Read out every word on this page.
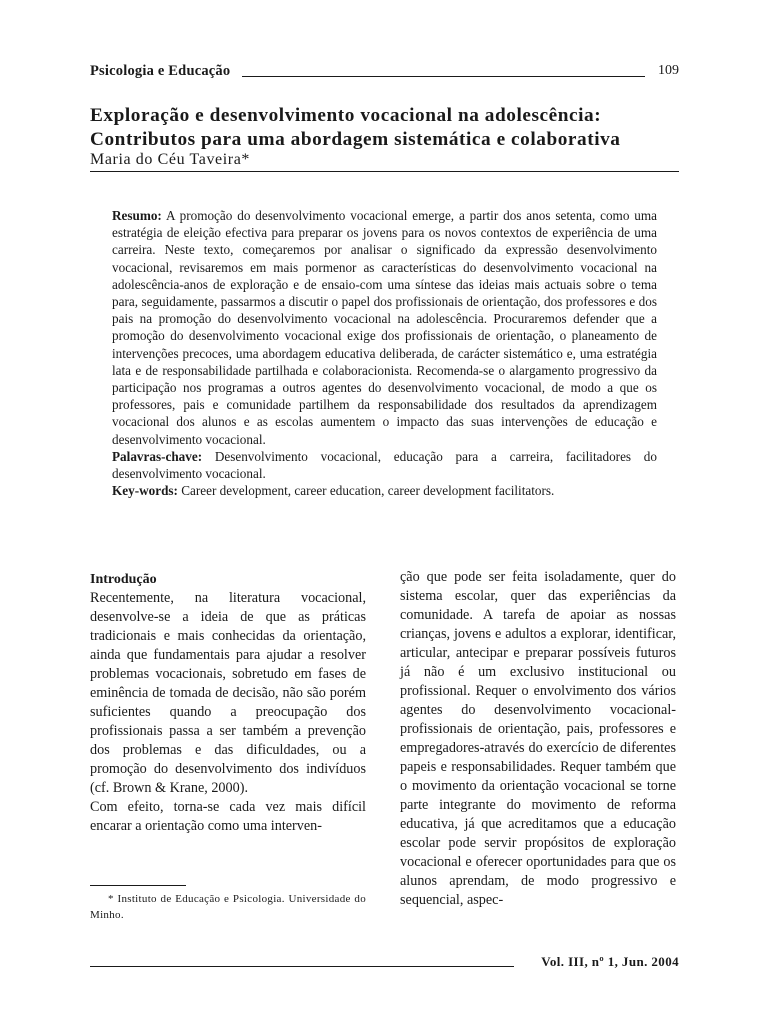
Psicologia e Educação	109
Exploração e desenvolvimento vocacional na adolescência:
Contributos para uma abordagem sistemática e colaborativa
Maria do Céu Taveira*

Resumo: A promoção do desenvolvimento vocacional emerge, a partir dos anos setenta, como uma estratégia de eleição efectiva para preparar os jovens para os novos contextos de experiência de uma carreira. Neste texto, começaremos por analisar o significado da expressão desenvolvimento vocacional, revisaremos em mais pormenor as características do desenvolvimento vocacional na adolescência-anos de exploração e de ensaio-com uma síntese das ideias mais actuais sobre o tema para, seguidamente, passarmos a discutir o papel dos profissionais de orientação, dos professores e dos pais na promoção do desenvolvimento vocacional na adolescência. Procuraremos defender que a promoção do desenvolvimento vocacional exige dos profissionais de orientação, o planeamento de intervenções precoces, uma abordagem educativa deliberada, de carácter sistemático e, uma estratégia lata e de responsabilidade partilhada e colaboracionista. Recomenda-se o alargamento progressivo da participação nos programas a outros agentes do desenvolvimento vocacional, de modo a que os professores, pais e comunidade partilhem da responsabilidade dos resultados da aprendizagem vocacional dos alunos e as escolas aumentem o impacto das suas intervenções de educação e desenvolvimento vocacional.

Palavras-chave: Desenvolvimento vocacional, educação para a carreira, facilitadores do desenvolvimento vocacional.

Key-words: Career development, career education, career development facilitators.

Introdução

Recentemente, na literatura vocacional, desenvolve-se a ideia de que as práticas tradicionais e mais conhecidas da orientação, ainda que fundamentais para ajudar a resolver problemas vocacionais, sobretudo em fases de eminência de tomada de decisão, não são porém suficientes quando a preocupação dos profissionais passa a ser também a prevenção dos problemas e das dificuldades, ou a promoção do desenvolvimento dos indivíduos (cf. Brown & Krane, 2000).

Com efeito, torna-se cada vez mais difícil encarar a orientação como uma interven-

ção que pode ser feita isoladamente, quer do sistema escolar, quer das experiências da comunidade. A tarefa de apoiar as nossas crianças, jovens e adultos a explorar, identificar, articular, antecipar e preparar possíveis futuros já não é um exclusivo institucional ou profissional. Requer o envolvimento dos vários agentes do desenvolvimento vocacional-profissionais de orientação, pais, professores e empregadores-através do exercício de diferentes papeis e responsabilidades. Requer também que o movimento da orientação vocacional se torne parte integrante do movimento de reforma educativa, já que acreditamos que a educação escolar pode servir propósitos de exploração vocacional e oferecer oportunidades para que os alunos aprendam, de modo progressivo e sequencial, aspec-

* Instituto de Educação e Psicologia. Universidade do Minho.
Vol. III, nº 1, Jun. 2004
